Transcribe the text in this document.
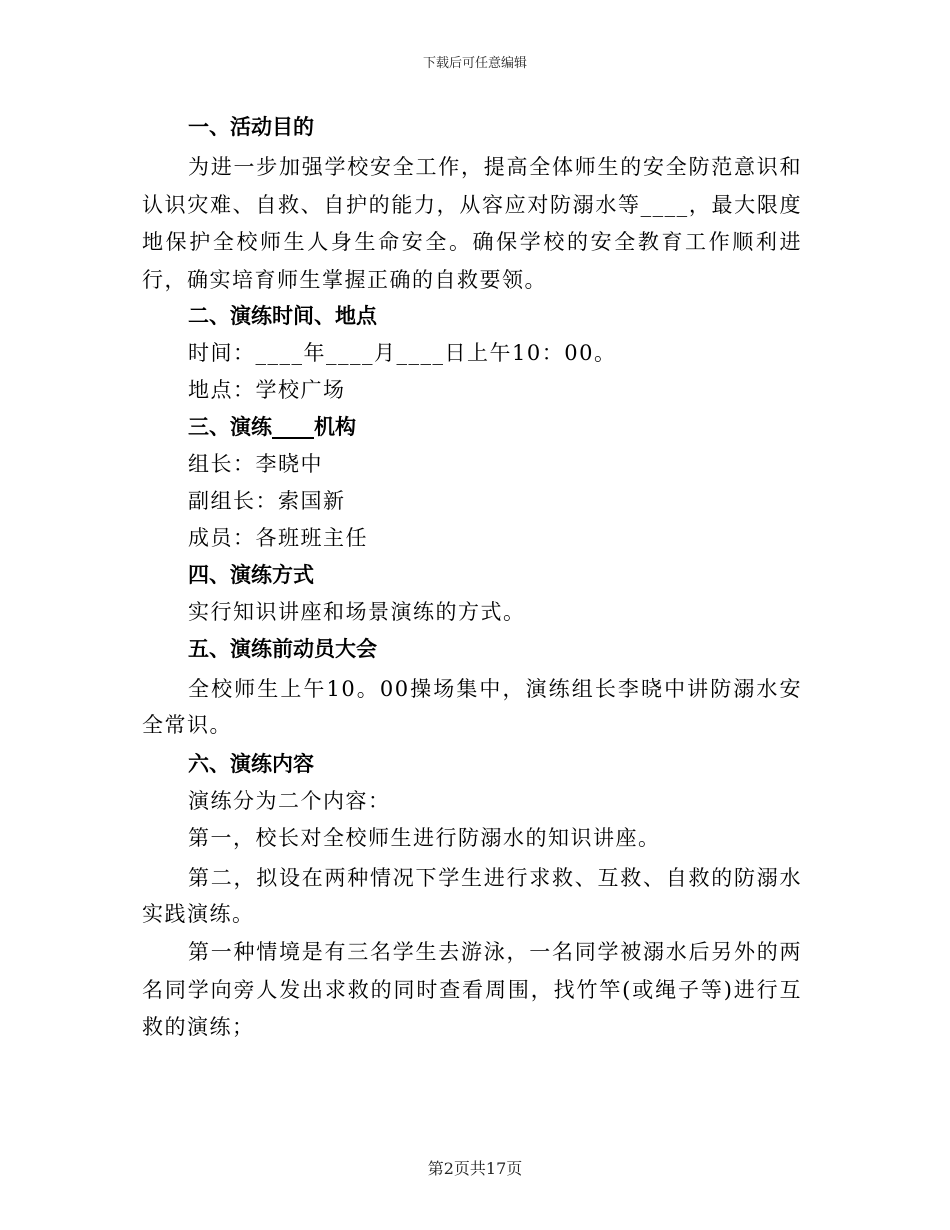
下载后可任意编辑
一、活动目的
为进一步加强学校安全工作，提高全体师生的安全防范意识和认识灾难、自救、自护的能力，从容应对防溺水等____，最大限度地保护全校师生人身生命安全。确保学校的安全教育工作顺利进行，确实培育师生掌握正确的自救要领。
二、演练时间、地点
时间：____年____月____日上午10：00。
地点：学校广场
三、演练____机构
组长：李晓中
副组长：索国新
成员：各班班主任
四、演练方式
实行知识讲座和场景演练的方式。
五、演练前动员大会
全校师生上午10。00操场集中，演练组长李晓中讲防溺水安全常识。
六、演练内容
演练分为二个内容：
第一，校长对全校师生进行防溺水的知识讲座。
第二，拟设在两种情况下学生进行求救、互救、自救的防溺水实践演练。
第一种情境是有三名学生去游泳，一名同学被溺水后另外的两名同学向旁人发出求救的同时查看周围，找竹竿(或绳子等)进行互救的演练；
第2页共17页
